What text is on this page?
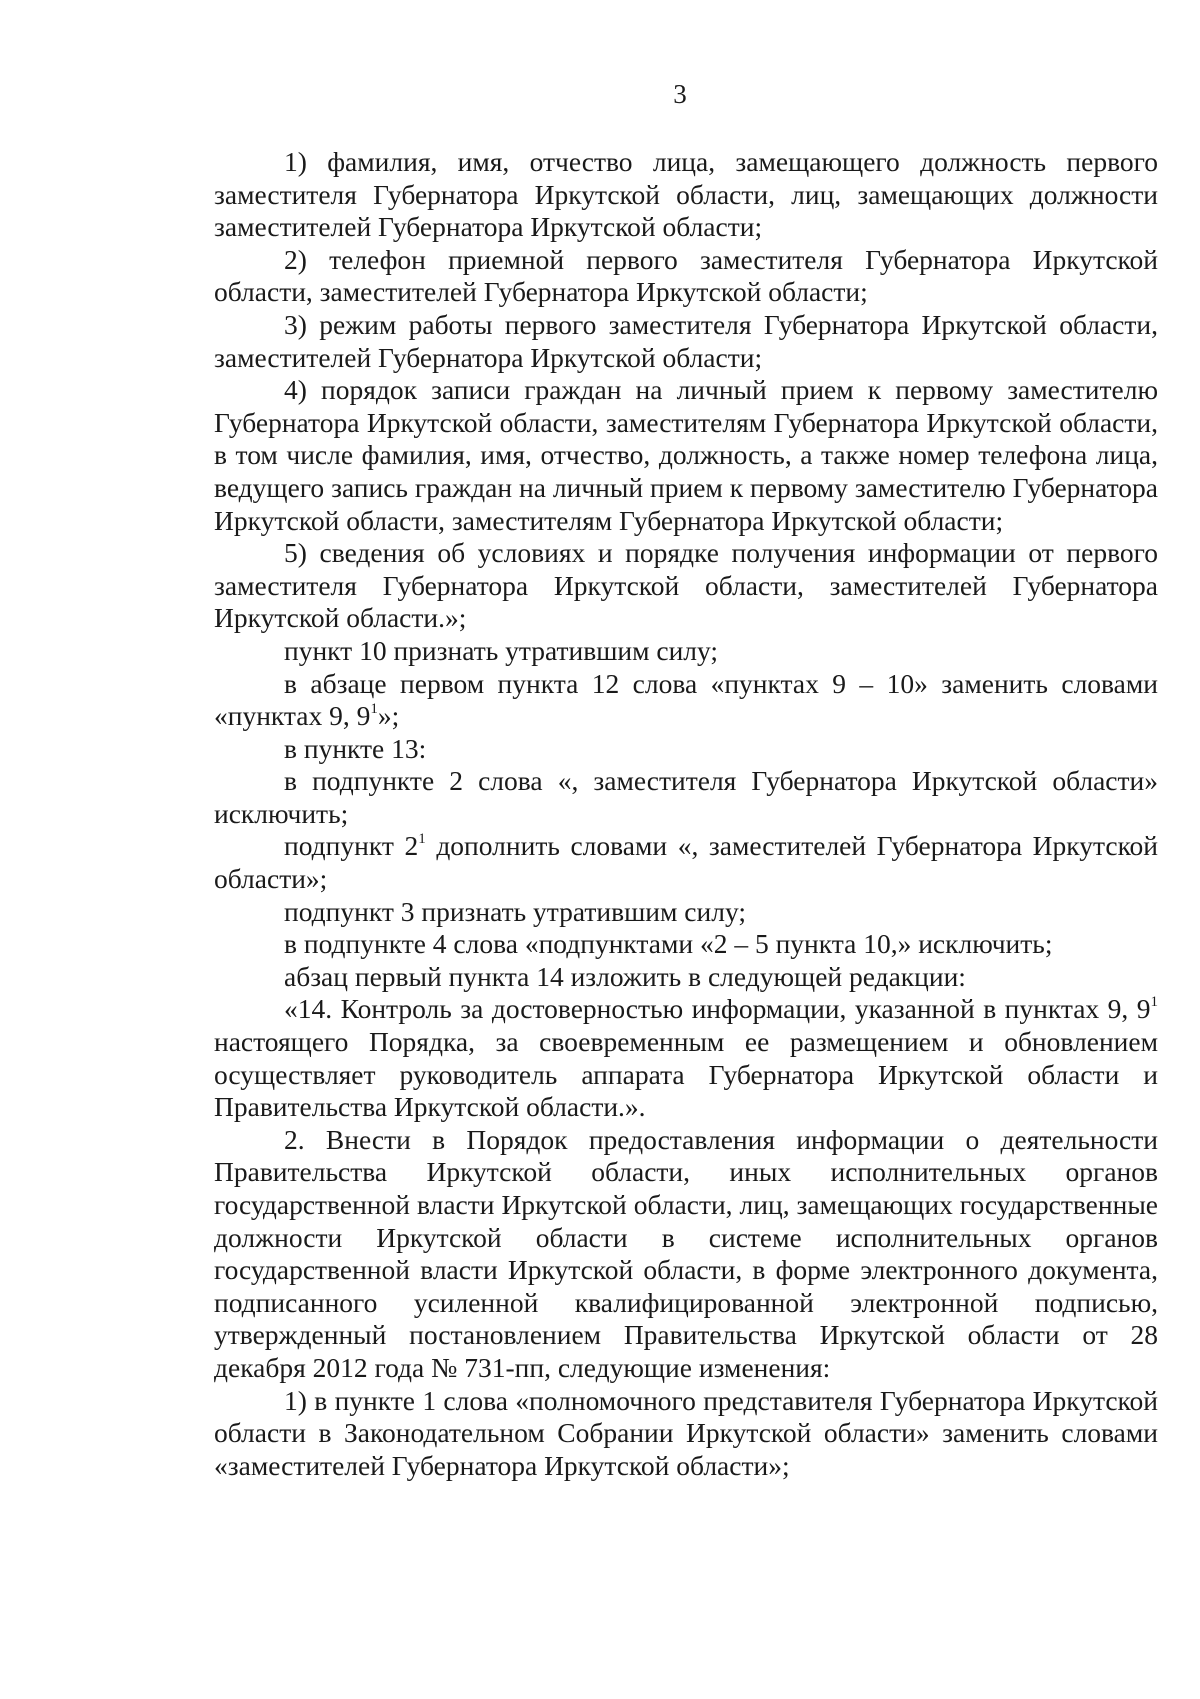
3

1) фамилия, имя, отчество лица, замещающего должность первого заместителя Губернатора Иркутской области, лиц, замещающих должности заместителей Губернатора Иркутской области;

2) телефон приемной первого заместителя Губернатора Иркутской области, заместителей Губернатора Иркутской области;

3) режим работы первого заместителя Губернатора Иркутской области, заместителей Губернатора Иркутской области;

4) порядок записи граждан на личный прием к первому заместителю Губернатора Иркутской области, заместителям Губернатора Иркутской области, в том числе фамилия, имя, отчество, должность, а также номер телефона лица, ведущего запись граждан на личный прием к первому заместителю Губернатора Иркутской области, заместителям Губернатора Иркутской области;

5) сведения об условиях и порядке получения информации от первого заместителя Губернатора Иркутской области, заместителей Губернатора Иркутской области.»;

пункт 10 признать утратившим силу;

в абзаце первом пункта 12 слова «пунктах 9 – 10» заменить словами «пунктах 9, $9^1$»;

в пункте 13:

в подпункте 2 слова «, заместителя Губернатора Иркутской области» исключить;

подпункт $2^1$ дополнить словами «, заместителей Губернатора Иркутской области»;

подпункт 3 признать утратившим силу;

в подпункте 4 слова «подпунктами «2 – 5 пункта 10,» исключить;

абзац первый пункта 14 изложить в следующей редакции:

«14. Контроль за достоверностью информации, указанной в пунктах 9, $9^1$ настоящего Порядка, за своевременным ее размещением и обновлением осуществляет руководитель аппарата Губернатора Иркутской области и Правительства Иркутской области.».

2. Внести в Порядок предоставления информации о деятельности Правительства Иркутской области, иных исполнительных органов государственной власти Иркутской области, лиц, замещающих государственные должности Иркутской области в системе исполнительных органов государственной власти Иркутской области, в форме электронного документа, подписанного усиленной квалифицированной электронной подписью, утвержденный постановлением Правительства Иркутской области от 28 декабря 2012 года № 731-пп, следующие изменения:

1) в пункте 1 слова «полномочного представителя Губернатора Иркутской области в Законодательном Собрании Иркутской области» заменить словами «заместителей Губернатора Иркутской области»;
